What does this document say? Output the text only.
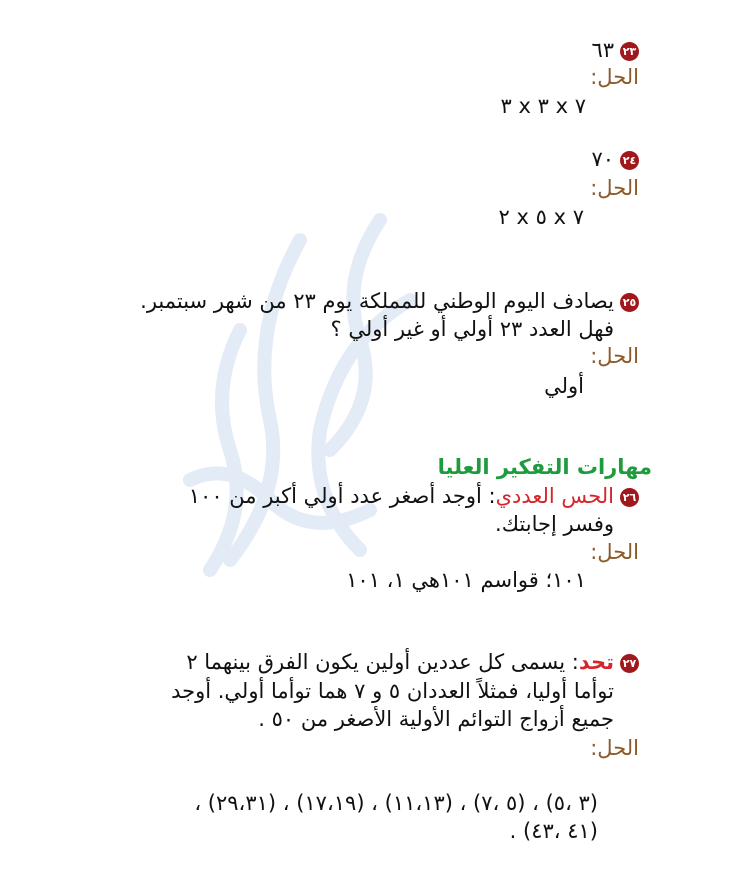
٢٣٦٣
الحل:
٧ x ٣ x ٣
٢٤٧٠
الحل:
٧ x ٥ x ٢
٢٥يصادف اليوم الوطني للمملكة يوم ٢٣ من شهر سبتمبر.
فهل العدد ٢٣ أولي أو غير أولي ؟
الحل:
أولي
مهارات التفكير العليا
٢٦الحس العددي: أوجد أصغر عدد أولي أكبر من ١٠٠
وفسر إجابتك.
الحل:
١٠١؛ قواسم ١٠١هي ١، ١٠١
٢٧تحد: يسمى كل عددين أولين يكون الفرق بينهما ٢
توأما أوليا، فمثلاً العددان ٥ و ٧ هما توأما أولي. أوجد
جميع أزواج التوائم الأولية الأصغر من ٥٠ .
الحل:
(٣ ،٥) ، (٥ ،٧) ، (١١،١٣) ، (١٧،١٩) ، (٢٩،٣١) ،
(٤١ ،٤٣) .
